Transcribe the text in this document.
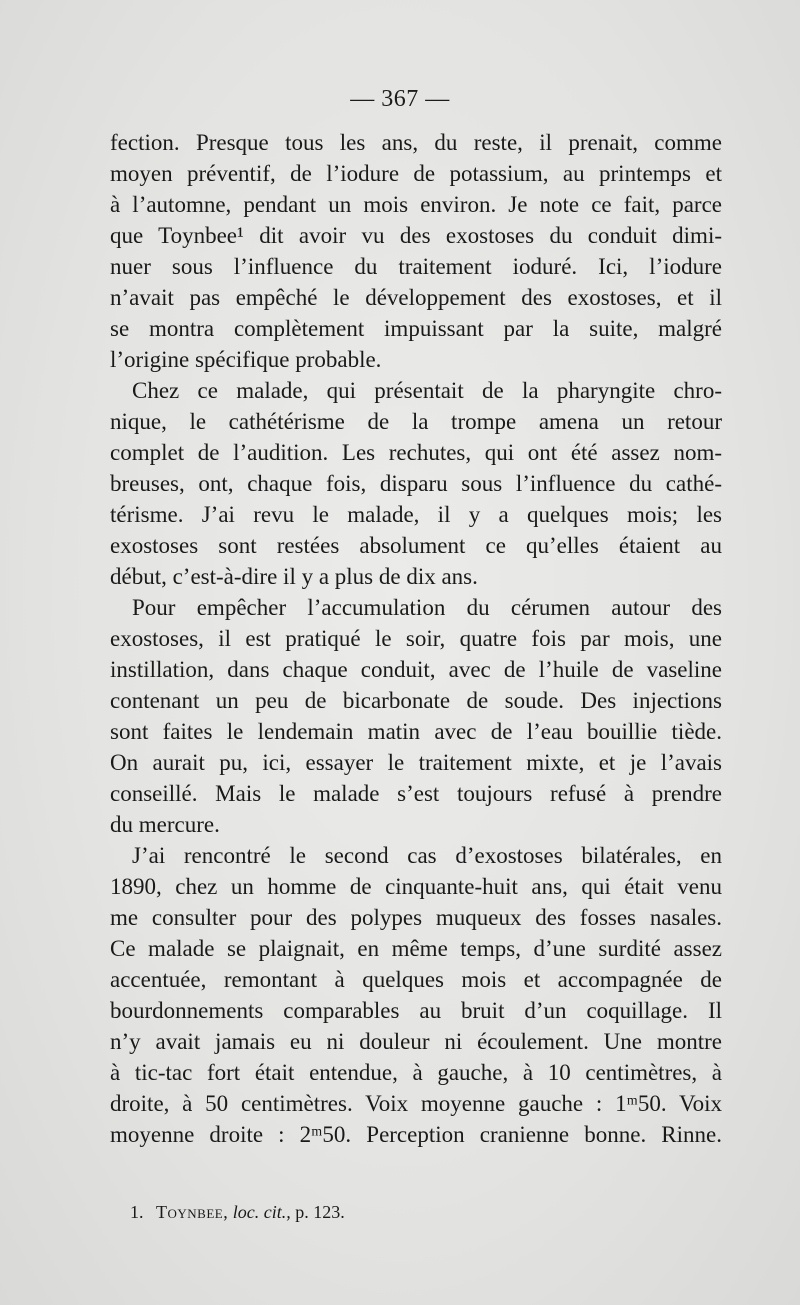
— 367 —

fection. Presque tous les ans, du reste, il prenait, comme
moyen préventif, de l’iodure de potassium, au printemps et
à l’automne, pendant un mois environ. Je note ce fait, parce
que Toynbee¹ dit avoir vu des exostoses du conduit dimi-
nuer sous l’influence du traitement ioduré. Ici, l’iodure
n’avait pas empêché le développement des exostoses, et il
se montra complètement impuissant par la suite, malgré
l’origine spécifique probable.

Chez ce malade, qui présentait de la pharyngite chro-
nique, le cathétérisme de la trompe amena un retour
complet de l’audition. Les rechutes, qui ont été assez nom-
breuses, ont, chaque fois, disparu sous l’influence du cathé-
térisme. J’ai revu le malade, il y a quelques mois; les
exostoses sont restées absolument ce qu’elles étaient au
début, c’est-à-dire il y a plus de dix ans.

Pour empêcher l’accumulation du cérumen autour des
exostoses, il est pratiqué le soir, quatre fois par mois, une
instillation, dans chaque conduit, avec de l’huile de vaseline
contenant un peu de bicarbonate de soude. Des injections
sont faites le lendemain matin avec de l’eau bouillie tiède.
On aurait pu, ici, essayer le traitement mixte, et je l’avais
conseillé. Mais le malade s’est toujours refusé à prendre
du mercure.

J’ai rencontré le second cas d’exostoses bilatérales, en
1890, chez un homme de cinquante-huit ans, qui était venu
me consulter pour des polypes muqueux des fosses nasales.
Ce malade se plaignait, en même temps, d’une surdité assez
accentuée, remontant à quelques mois et accompagnée de
bourdonnements comparables au bruit d’un coquillage. Il
n’y avait jamais eu ni douleur ni écoulement. Une montre
à tic-tac fort était entendue, à gauche, à 10 centimètres, à
droite, à 50 centimètres. Voix moyenne gauche : 1ᵐ50. Voix
moyenne droite : 2ᵐ50. Perception cranienne bonne. Rinne.

1. Toynbee, loc. cit., p. 123.
